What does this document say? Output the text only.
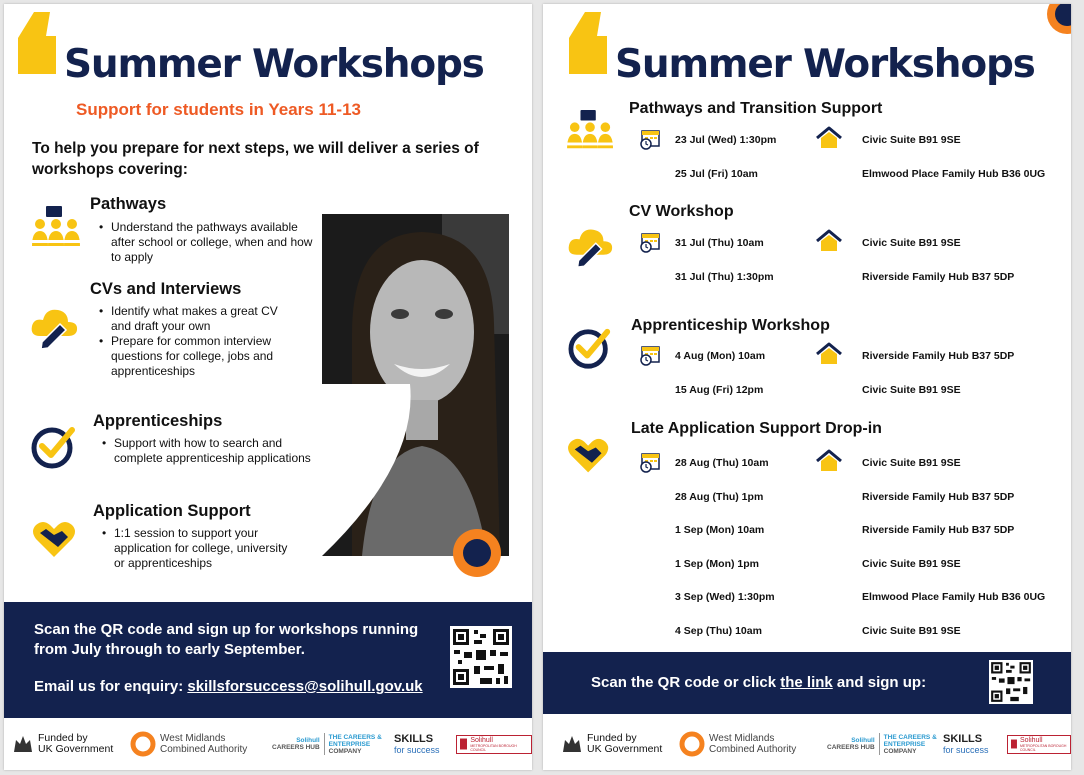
Summer Workshops
Support for students in Years 11-13
To help you prepare for next steps, we will deliver a series of workshops covering:
Pathways
• Understand the pathways available after school or college, when and how to apply
CVs and Interviews
• Identify what makes a great CV and draft your own
• Prepare for common interview questions for college, jobs and apprenticeships
Apprenticeships
• Support with how to search and complete apprenticeship applications
Application Support
• 1:1 session to support your application for college, university or apprenticeships
Scan the QR code and sign up for workshops running from July through to early September.
Email us for enquiry: skillsforsuccess@solihull.gov.uk
Funded by
UK Government
West Midlands
Combined Authority
Solihull
CAREERS HUB
THE CAREERS &
ENTERPRISE
COMPANY
SKILLS
for success
Solihull
METROPOLITAN BOROUGH COUNCIL
Summer Workshops
Pathways and Transition Support
23 Jul (Wed) 1:30pm	Civic Suite B91 9SE
25 Jul (Fri) 10am	Elmwood Place Family Hub B36 0UG
CV Workshop
31 Jul (Thu) 10am	Civic Suite B91 9SE
31 Jul (Thu) 1:30pm	Riverside Family Hub B37 5DP
Apprenticeship Workshop
4 Aug (Mon) 10am	Riverside Family Hub B37 5DP
15 Aug (Fri) 12pm	Civic Suite B91 9SE
Late Application Support Drop-in
28 Aug (Thu) 10am	Civic Suite B91 9SE
28 Aug (Thu) 1pm	Riverside Family Hub B37 5DP
1 Sep (Mon) 10am	Riverside Family Hub B37 5DP
1 Sep (Mon) 1pm	Civic Suite B91 9SE
3 Sep (Wed) 1:30pm	Elmwood Place Family Hub B36 0UG
4 Sep (Thu) 10am	Civic Suite B91 9SE
Scan the QR code or click the link and sign up:
Funded by
UK Government
West Midlands
Combined Authority
Solihull
CAREERS HUB
THE CAREERS &
ENTERPRISE
COMPANY
SKILLS
for success
Solihull
METROPOLITAN BOROUGH COUNCIL
